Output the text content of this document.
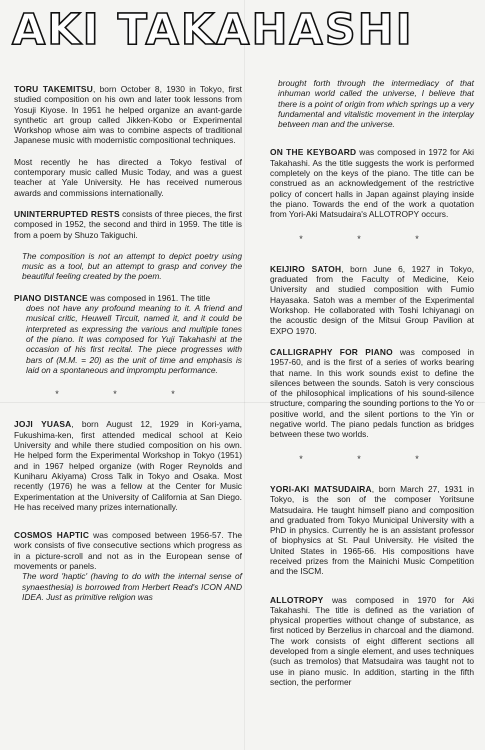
AKI TAKAHASHI

TORU TAKEMITSU, born October 8, 1930 in Tokyo, first studied composition on his own and later took lessons from Yosuji Kiyose. In 1951 he helped organize an avant-garde synthetic art group called Jikken-Kobo or Experimental Workshop whose aim was to combine aspects of traditional Japanese music with modernistic compositional techniques.

Most recently he has directed a Tokyo festival of contemporary music called Music Today, and was a guest teacher at Yale University. He has received numerous awards and commissions internationally.

UNINTERRUPTED RESTS consists of three pieces, the first composed in 1952, the second and third in 1959. The title is from a poem by Shuzo Takiguchi.

The composition is not an attempt to depict poetry using music as a tool, but an attempt to grasp and convey the beautiful feeling created by the poem.

PIANO DISTANCE was composed in 1961. The title

does not have any profound meaning to it. A friend and musical critic, Heuwell Tircuit, named it, and it could be interpreted as expressing the various and multiple tones of the piano. It was composed for Yuji Takahashi at the occasion of his first recital. The piece progresses with bars of (M.M. = 20) as the unit of time and emphasis is laid on a spontaneous and impromptu performance.

* * *

JOJI YUASA, born August 12, 1929 in Kori-yama, Fukushima-ken, first attended medical school at Keio University and while there studied composition on his own. He helped form the Experimental Workshop in Tokyo (1951) and in 1967 helped organize (with Roger Reynolds and Kuniharu Akiyama) Cross Talk in Tokyo and Osaka. Most recently (1976) he was a fellow at the Center for Music Experimentation at the University of California at San Diego. He has received many prizes internationally.

COSMOS HAPTIC was composed between 1956-57. The work consists of five consecutive sections which progress as in a picture-scroll and not as in the European sense of movements or panels.

The word 'haptic' (having to do with the internal sense of synaesthesia) is borrowed from Herbert Read's ICON AND IDEA. Just as primitive religion was

brought forth through the intermediacy of that inhuman world called the universe, I believe that there is a point of origin from which springs up a very fundamental and vitalistic movement in the interplay between man and the universe.

ON THE KEYBOARD was composed in 1972 for Aki Takahashi. As the title suggests the work is performed completely on the keys of the piano. The title can be construed as an acknowledgement of the restrictive policy of concert halls in Japan against playing inside the piano. Towards the end of the work a quotation from Yori-Aki Matsudaira's ALLOTROPY occurs.

* * *

KEIJIRO SATOH, born June 6, 1927 in Tokyo, graduated from the Faculty of Medicine, Keio University and studied composition with Fumio Hayasaka. Satoh was a member of the Experimental Workshop. He collaborated with Toshi Ichiyanagi on the acoustic design of the Mitsui Group Pavilion at EXPO 1970.

CALLIGRAPHY FOR PIANO was composed in 1957-60, and is the first of a series of works bearing that name. In this work sounds exist to define the silences between the sounds. Satoh is very conscious of the philosophical implications of his sound-silence structure, comparing the sounding portions to the Yo or positive world, and the silent portions to the Yin or negative world. The piano pedals function as bridges between these two worlds.

* * *

YORI-AKI MATSUDAIRA, born March 27, 1931 in Tokyo, is the son of the composer Yoritsune Matsudaira. He taught himself piano and composition and graduated from Tokyo Municipal University with a PhD in physics. Currently he is an assistant professor of biophysics at St. Paul University. He visited the United States in 1965-66. His compositions have received prizes from the Mainichi Music Competition and the ISCM.

ALLOTROPY was composed in 1970 for Aki Takahashi. The title is defined as the variation of physical properties without change of substance, as first noticed by Berzelius in charcoal and the diamond. The work consists of eight different sections all developed from a single element, and uses techniques (such as tremolos) that Matsudaira was taught not to use in piano music. In addition, starting in the fifth section, the performer
